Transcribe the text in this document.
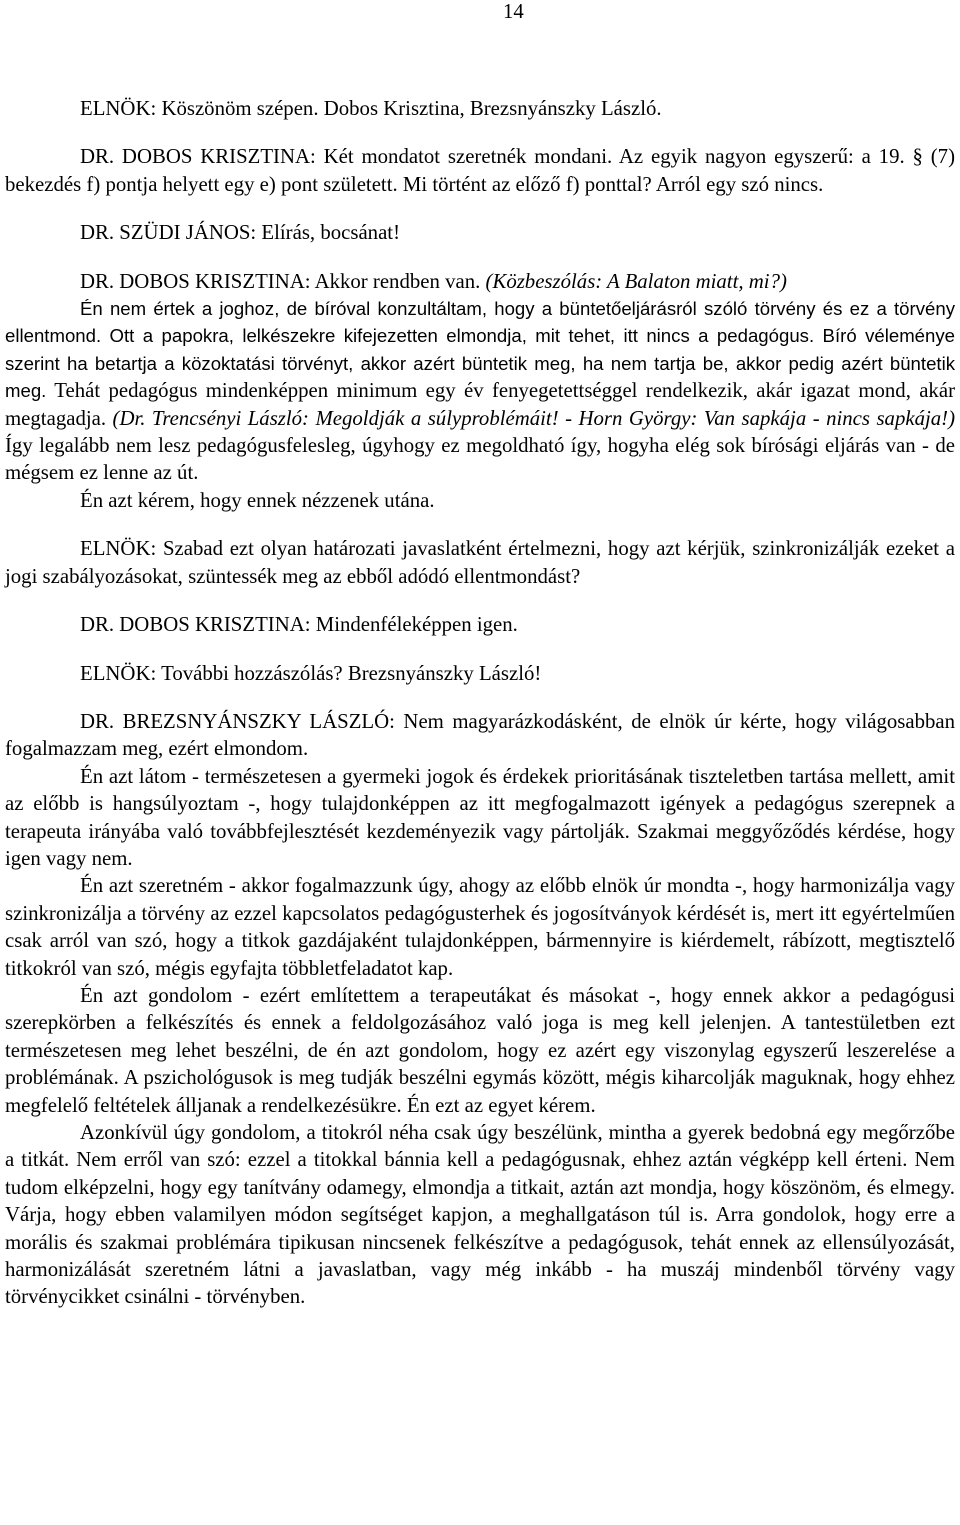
14

ELNÖK: Köszönöm szépen. Dobos Krisztina, Brezsnyánszky László.

DR. DOBOS KRISZTINA: Két mondatot szeretnék mondani. Az egyik nagyon egyszerű: a 19. § (7) bekezdés f) pontja helyett egy e) pont született. Mi történt az előző f) ponttal? Arról egy szó nincs.

DR. SZÜDI JÁNOS: Elírás, bocsánat!

DR. DOBOS KRISZTINA: Akkor rendben van. (Közbeszólás: A Balaton miatt, mi?)

Én nem értek a joghoz, de bíróval konzultáltam, hogy a büntetőeljárásról szóló törvény és ez a törvény ellentmond. Ott a papokra, lelkészekre kifejezetten elmondja, mit tehet, itt nincs a pedagógus. Bíró véleménye szerint ha betartja a közoktatási törvényt, akkor azért büntetik meg, ha nem tartja be, akkor pedig azért büntetik meg. Tehát pedagógus mindenképpen minimum egy év fenyegetettséggel rendelkezik, akár igazat mond, akár megtagadja. (Dr. Trencsényi László: Megoldják a súlyproblémáit! - Horn György: Van sapkája - nincs sapkája!) Így legalább nem lesz pedagógusfelesleg, úgyhogy ez megoldható így, hogyha elég sok bírósági eljárás van - de mégsem ez lenne az út.

Én azt kérem, hogy ennek nézzenek utána.

ELNÖK: Szabad ezt olyan határozati javaslatként értelmezni, hogy azt kérjük, szinkronizálják ezeket a jogi szabályozásokat, szüntessék meg az ebből adódó ellentmondást?

DR. DOBOS KRISZTINA: Mindenféleképpen igen.

ELNÖK: További hozzászólás? Brezsnyánszky László!

DR. BREZSNYÁNSZKY LÁSZLÓ: Nem magyarázkodásként, de elnök úr kérte, hogy világosabban fogalmazzam meg, ezért elmondom.

Én azt látom - természetesen a gyermeki jogok és érdekek prioritásának tiszteletben tartása mellett, amit az előbb is hangsúlyoztam -, hogy tulajdonképpen az itt megfogalmazott igények a pedagógus szerepnek a terapeuta irányába való továbbfejlesztését kezdeményezik vagy pártolják. Szakmai meggyőződés kérdése, hogy igen vagy nem.

Én azt szeretném - akkor fogalmazzunk úgy, ahogy az előbb elnök úr mondta -, hogy harmonizálja vagy szinkronizálja a törvény az ezzel kapcsolatos pedagógusterhek és jogosítványok kérdését is, mert itt egyértelműen csak arról van szó, hogy a titkok gazdájaként tulajdonképpen, bármennyire is kiérdemelt, rábízott, megtisztelő titkokról van szó, mégis egyfajta többletfeladatot kap.

Én azt gondolom - ezért említettem a terapeutákat és másokat -, hogy ennek akkor a pedagógusi szerepkörben a felkészítés és ennek a feldolgozásához való joga is meg kell jelenjen. A tantestületben ezt természetesen meg lehet beszélni, de én azt gondolom, hogy ez azért egy viszonylag egyszerű leszerelése a problémának. A pszichológusok is meg tudják beszélni egymás között, mégis kiharcolják maguknak, hogy ehhez megfelelő feltételek álljanak a rendelkezésükre. Én ezt az egyet kérem.

Azonkívül úgy gondolom, a titokról néha csak úgy beszélünk, mintha a gyerek bedobná egy megőrzőbe a titkát. Nem erről van szó: ezzel a titokkal bánnia kell a pedagógusnak, ehhez aztán végképp kell érteni. Nem tudom elképzelni, hogy egy tanítvány odamegy, elmondja a titkait, aztán azt mondja, hogy köszönöm, és elmegy. Várja, hogy ebben valamilyen módon segítséget kapjon, a meghallgatáson túl is. Arra gondolok, hogy erre a morális és szakmai problémára tipikusan nincsenek felkészítve a pedagógusok, tehát ennek az ellensúlyozását, harmonizálását szeretném látni a javaslatban, vagy még inkább - ha muszáj mindenből törvény vagy törvénycikket csinálni - törvényben.
